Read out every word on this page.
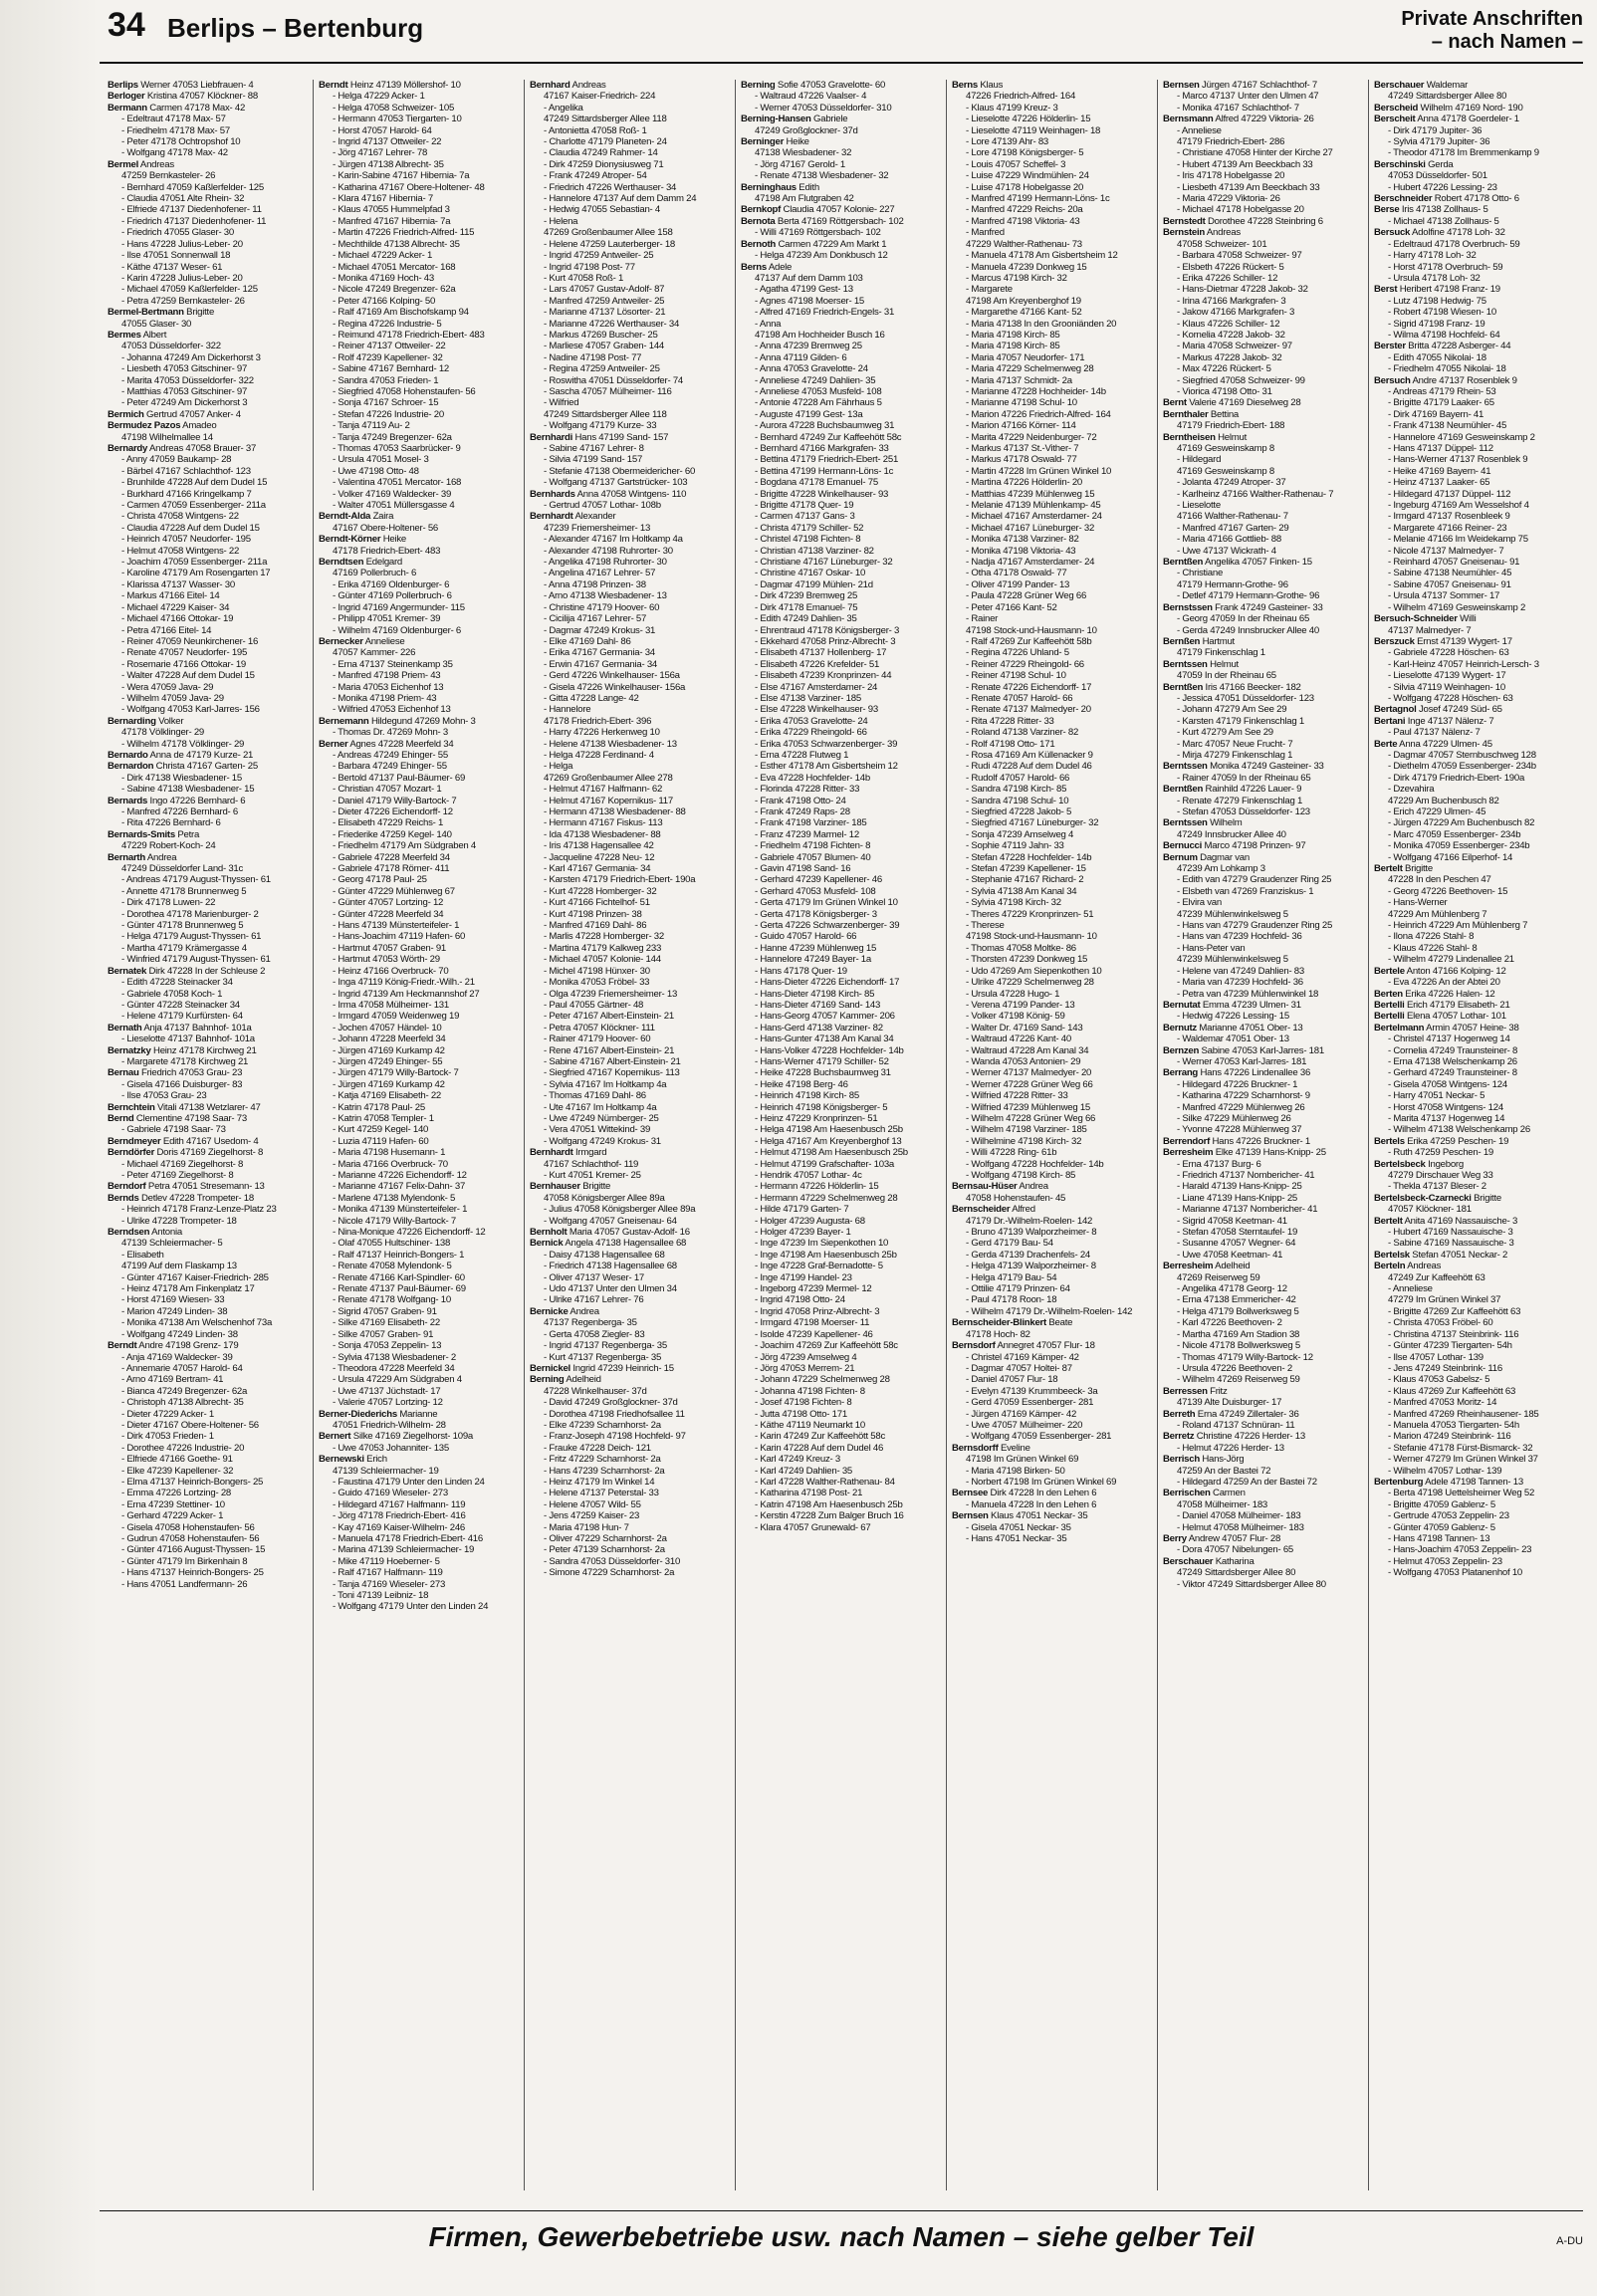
34 Berlips – Bertenburg	Private Anschriften
– nach Namen –
Berlips Werner 47053 Liebfrauen- 4
Berloger Kristina 47057 Klöckner- 88
Bermann Carmen 47178 Max- 42
- Edeltraut 47178 Max- 57
- Friedhelm 47178 Max- 57
- Peter 47178 Ochtropshof 10
- Wolfgang 47178 Max- 42
Bermel Andreas
47259 Bernkasteler- 26
- Bernhard 47059 Kaßlerfelder- 125
- Claudia 47051 Alte Rhein- 32
- Elfriede 47137 Diedenhofener- 11
- Friedrich 47137 Diedenhofener- 11
- Friedrich 47055 Glaser- 30
- Hans 47228 Julius-Leber- 20
- Ilse 47051 Sonnenwall 18
- Käthe 47137 Weser- 61
- Karin 47228 Julius-Leber- 20
- Michael 47059 Kaßlerfelder- 125
- Petra 47259 Bernkasteler- 26
Bermel-Bertmann Brigitte
47055 Glaser- 30
Bermes Albert
47053 Düsseldorfer- 322
- Johanna 47249 Am Dickerhorst 3
- Liesbeth 47053 Gitschiner- 97
- Marita 47053 Düsseldorfer- 322
- Matthias 47053 Gitschiner- 97
- Peter 47249 Am Dickerhorst 3
Bermich Gertrud 47057 Anker- 4
Bermudez Pazos Amadeo
47198 Wilhelmallee 14
Bernardy Andreas 47058 Brauer- 37
- Anny 47059 Baukamp- 28
- Bärbel 47167 Schlachthof- 123
- Brunhilde 47228 Auf dem Dudel 15
- Burkhard 47166 Kringelkamp 7
- Carmen 47059 Essenberger- 211a
- Christa 47058 Wintgens- 22
- Claudia 47228 Auf dem Dudel 15
- Heinrich 47057 Neudorfer- 195
- Helmut 47058 Wintgens- 22
- Joachim 47059 Essenberger- 211a
- Karoline 47179 Am Rosengarten 17
- Klarissa 47137 Wasser- 30
- Markus 47166 Eitel- 14
- Michael 47229 Kaiser- 34
- Michael 47166 Ottokar- 19
- Petra 47166 Eitel- 14
- Reiner 47059 Neunkirchener- 16
- Renate 47057 Neudorfer- 195
- Rosemarie 47166 Ottokar- 19
- Walter 47228 Auf dem Dudel 15
- Wera 47059 Java- 29
- Wilhelm 47059 Java- 29
- Wolfgang 47053 Karl-Jarres- 156
Bernarding Volker
47178 Völklinger- 29
- Wilhelm 47178 Völklinger- 29
Bernardo Anna de 47179 Kurze- 21
Bernardon Christa 47167 Garten- 25
- Dirk 47138 Wiesbadener- 15
- Sabine 47138 Wiesbadener- 15
Bernards Ingo 47226 Bernhard- 6
- Manfred 47226 Bernhard- 6
- Rita 47226 Bernhard- 6
Bernards-Smits Petra
47229 Robert-Koch- 24
Bernarth Andrea
47249 Düsseldorfer Land- 31c
- Andreas 47179 August-Thyssen- 61
- Annette 47178 Brunnenweg 5
- Dirk 47178 Luwen- 22
- Dorothea 47178 Marienburger- 2
- Günter 47178 Brunnenweg 5
- Helga 47179 August-Thyssen- 61
- Martha 47179 Krämergasse 4
- Winfried 47179 August-Thyssen- 61
Bernatek Dirk 47228 In der Schleuse 2
- Edith 47228 Steinacker 34
- Gabriele 47058 Koch- 1
- Günter 47228 Steinacker 34
- Helene 47179 Kurfürsten- 64
Bernath Anja 47137 Bahnhof- 101a
- Lieselotte 47137 Bahnhof- 101a
Bernatzky Heinz 47178 Kirchweg 21
- Margarete 47178 Kirchweg 21
Bernau Friedrich 47053 Grau- 23
- Gisela 47166 Duisburger- 83
- Ilse 47053 Grau- 23
Bernchtein Vitali 47138 Wetzlarer- 47
Bernd Clementine 47198 Saar- 73
- Gabriele 47198 Saar- 73
Berndmeyer Edith 47167 Usedom- 4
Berndörfer Doris 47169 Ziegelhorst- 8
- Michael 47169 Ziegelhorst- 8
- Peter 47169 Ziegelhorst- 8
Berndorf Petra 47051 Stresemann- 13
Bernds Detlev 47228 Trompeter- 18
- Heinrich 47178 Franz-Lenze-Platz 23
- Ulrike 47228 Trompeter- 18
Berndsen Antonia
47139 Schleiermacher- 5
- Elisabeth
47199 Auf dem Flaskamp 13
- Günter 47167 Kaiser-Friedrich- 285
- Heinz 47178 Am Finkenplatz 17
- Horst 47169 Wiesen- 33
- Marion 47249 Linden- 38
- Monika 47138 Am Welschenhof 73a
- Wolfgang 47249 Linden- 38
Berndt Andre 47198 Grenz- 179
- Anja 47169 Waldecker- 39
- Annemarie 47057 Harold- 64
- Arno 47169 Bertram- 41
- Bianca 47249 Bregenzer- 62a
- Christoph 47138 Albrecht- 35
- Dieter 47229 Acker- 1
- Dieter 47167 Obere-Holtener- 56
- Dirk 47053 Frieden- 1
- Dorothee 47226 Industrie- 20
- Elfriede 47166 Goethe- 91
- Elke 47239 Kapellener- 32
- Elma 47137 Heinrich-Bongers- 25
- Emma 47226 Lortzing- 28
- Erna 47239 Stettiner- 10
- Gerhard 47229 Acker- 1
- Gisela 47058 Hohenstaufen- 56
- Gudrun 47058 Hohenstaufen- 56
- Günter 47166 August-Thyssen- 15
- Günter 47179 Im Birkenhain 8
- Hans 47137 Heinrich-Bongers- 25
- Hans 47051 Landfermann- 26
Berndt Heinz 47139 Möllershof- 10
- Helga 47229 Acker- 1
- Helga 47058 Schweizer- 105
- Hermann 47053 Tiergarten- 10
- Horst 47057 Harold- 64
- Ingrid 47137 Ottweiler- 22
- Jörg 47167 Lehrer- 78
- Jürgen 47138 Albrecht- 35
- Karin-Sabine 47167 Hibernia- 7a
- Katharina 47167 Obere-Holtener- 48
- Klara 47167 Hibernia- 7
- Klaus 47055 Hummelpfad 3
- Manfred 47167 Hibernia- 7a
- Martin 47226 Friedrich-Alfred- 115
- Mechthilde 47138 Albrecht- 35
- Michael 47229 Acker- 1
- Michael 47051 Mercator- 168
- Monika 47169 Hoch- 43
- Nicole 47249 Bregenzer- 62a
- Peter 47166 Kolping- 50
- Ralf 47169 Am Bischofskamp 94
- Regina 47226 Industrie- 5
- Reimund 47178 Friedrich-Ebert- 483
- Reiner 47137 Ottweiler- 22
- Rolf 47239 Kapellener- 32
- Sabine 47167 Bernhard- 12
- Sandra 47053 Frieden- 1
- Siegfried 47058 Hohenstaufen- 56
- Sonja 47167 Schroer- 15
- Stefan 47226 Industrie- 20
- Tanja 47119 Au- 2
- Tanja 47249 Bregenzer- 62a
- Thomas 47053 Saarbrücker- 9
- Ursula 47051 Mosel- 3
- Uwe 47198 Otto- 48
- Valentina 47051 Mercator- 168
- Volker 47169 Waldecker- 39
- Walter 47051 Müllersgasse 4
Berndt-Alda Zaira
47167 Obere-Holtener- 56
Berndt-Körner Heike
47178 Friedrich-Ebert- 483
Berndtsen Edelgard
47169 Pollerbruch- 6
- Erika 47169 Oldenburger- 6
- Günter 47169 Pollerbruch- 6
- Ingrid 47169 Angermunder- 115
- Philipp 47051 Kremer- 39
- Wilhelm 47169 Oldenburger- 6
Bernecker Anneliese
47057 Kammer- 226
- Erna 47137 Steinenkamp 35
- Manfred 47198 Priem- 43
- Maria 47053 Eichenhof 13
- Monika 47198 Priem- 43
- Wilfried 47053 Eichenhof 13
Bernemann Hildegund 47269 Mohn- 3
- Thomas Dr. 47269 Mohn- 3
Berner Agnes 47228 Meerfeld 34
- Andreas 47249 Ehinger- 55
- Barbara 47249 Ehinger- 55
- Bertold 47137 Paul-Bäumer- 69
- Christian 47057 Mozart- 1
- Daniel 47179 Willy-Bartock- 7
- Dieter 47226 Eichendorff- 12
- Elisabeth 47229 Reichs- 1
- Friederike 47259 Kegel- 140
- Friedhelm 47179 Am Südgraben 4
- Gabriele 47228 Meerfeld 34
- Gabriele 47178 Römer- 411
- Georg 47178 Paul- 25
- Günter 47229 Mühlenweg 67
- Günter 47057 Lortzing- 12
- Günter 47228 Meerfeld 34
- Hans 47139 Münsterteifeler- 1
- Hans-Joachim 47119 Hafen- 60
- Hartmut 47057 Graben- 91
- Hartmut 47053 Wörth- 29
- Heinz 47166 Overbruck- 70
- Inga 47119 König-Friedr.-Wilh.- 21
- Ingrid 47139 Am Heckmannshof 27
- Irma 47058 Mülheimer- 131
- Irmgard 47059 Weidenweg 19
- Jochen 47057 Händel- 10
- Johann 47228 Meerfeld 34
- Jürgen 47169 Kurkamp 42
- Jürgen 47249 Ehinger- 55
- Jürgen 47179 Willy-Bartock- 7
- Jürgen 47169 Kurkamp 42
- Katja 47169 Elisabeth- 22
- Katrin 47178 Paul- 25
- Katrin 47058 Templer- 1
- Kurt 47259 Kegel- 140
- Luzia 47119 Hafen- 60
- Maria 47198 Husemann- 1
- Maria 47166 Overbruck- 70
- Marianne 47226 Eichendorff- 12
- Marianne 47167 Felix-Dahn- 37
- Marlene 47138 Mylendonk- 5
- Monika 47139 Münsterteifeler- 1
- Nicole 47179 Willy-Bartock- 7
- Nina-Monique 47226 Eichendorff- 12
- Olaf 47055 Hultschiner- 138
- Ralf 47137 Heinrich-Bongers- 1
- Renate 47058 Mylendonk- 5
- Renate 47166 Karl-Spindler- 60
- Renate 47137 Paul-Bäumer- 69
- Renate 47178 Wolfgang- 10
- Sigrid 47057 Graben- 91
- Silke 47169 Elisabeth- 22
- Silke 47057 Graben- 91
- Sonja 47053 Zeppelin- 13
- Sylvia 47138 Wiesbadener- 2
- Theodora 47228 Meerfeld 34
- Ursula 47229 Am Südgraben 4
- Uwe 47137 Jüchstadt- 17
- Valerie 47057 Lortzing- 12
Berner-Diederichs Marianne
47051 Friedrich-Wilhelm- 28
Bernert Silke 47169 Ziegelhorst- 109a
- Uwe 47053 Johanniter- 135
Bernewski Erich
47139 Schleiermacher- 19
- Faustina 47179 Unter den Linden 24
- Guido 47169 Wieseler- 273
- Hildegard 47167 Halfmann- 119
- Jörg 47178 Friedrich-Ebert- 416
- Kay 47169 Kaiser-Wilhelm- 246
- Manuela 47178 Friedrich-Ebert- 416
- Marina 47139 Schleiermacher- 19
- Mike 47119 Hoeberner- 5
- Ralf 47167 Halfmann- 119
- Tanja 47169 Wieseler- 273
- Toni 47139 Leibniz- 18
- Wolfgang 47179 Unter den Linden 24
Bernhard Andreas
47167 Kaiser-Friedrich- 224
- Angelika
47249 Sittardsberger Allee 118
- Antonietta 47058 Roß- 1
- Charlotte 47179 Planeten- 24
- Claudia 47249 Rahmer- 14
- Dirk 47259 Dionysiusweg 71
- Frank 47249 Atroper- 54
- Friedrich 47226 Werthauser- 34
- Hannelore 47137 Auf dem Damm 24
- Hedwig 47055 Sebastian- 4
- Helena
47269 Großenbaumer Allee 158
- Helene 47259 Lauterberger- 18
- Ingrid 47259 Antweiler- 25
- Ingrid 47198 Post- 77
- Kurt 47058 Roß- 1
- Lars 47057 Gustav-Adolf- 87
- Manfred 47259 Antweiler- 25
- Marianne 47137 Lösorter- 21
- Marianne 47226 Werthauser- 34
- Markus 47269 Buscher- 25
- Marliese 47057 Graben- 144
- Nadine 47198 Post- 77
- Regina 47259 Antweiler- 25
- Roswitha 47051 Düsseldorfer- 74
- Sascha 47057 Mülheimer- 116
- Wilfried
47249 Sittardsberger Allee 118
- Wolfgang 47179 Kurze- 33
Bernhardi Hans 47199 Sand- 157
- Sabine 47167 Lehrer- 8
- Silvia 47199 Sand- 157
- Stefanie 47138 Obermeidericher- 60
- Wolfgang 47137 Gartstrücker- 103
Bernhards Anna 47058 Wintgens- 110
- Gertrud 47057 Lothar- 108b
Bernhardt Alexander
47239 Friemersheimer- 13
- Alexander 47167 Im Holtkamp 4a
- Alexander 47198 Ruhrorter- 30
- Angelika 47198 Ruhrorter- 30
- Angelina 47167 Lehrer- 57
- Anna 47198 Prinzen- 38
- Arno 47138 Wiesbadener- 13
- Christine 47179 Hoover- 60
- Cicilija 47167 Lehrer- 57
- Dagmar 47249 Krokus- 31
- Elke 47169 Dahl- 86
- Erika 47167 Germania- 34
- Erwin 47167 Germania- 34
- Gerd 47226 Winkelhauser- 156a
- Gisela 47226 Winkelhauser- 156a
- Gitta 47228 Lange- 42
- Hannelore
47178 Friedrich-Ebert- 396
- Harry 47226 Herkenweg 10
- Helene 47138 Wiesbadener- 13
- Helga 47228 Ferdinand- 4
- Helga
47269 Großenbaumer Allee 278
- Helmut 47167 Halfmann- 62
- Helmut 47167 Kopernikus- 117
- Hermann 47138 Wiesbadener- 88
- Hermann 47167 Fiskus- 113
- Ida 47138 Wiesbadener- 88
- Iris 47138 Hagensallee 42
- Jacqueline 47228 Neu- 12
- Karl 47167 Germania- 34
- Karsten 47179 Friedrich-Ebert- 190a
- Kurt 47228 Homberger- 32
- Kurt 47166 Fichtelhof- 51
- Kurt 47198 Prinzen- 38
- Manfred 47169 Dahl- 86
- Marlis 47228 Homberger- 32
- Martina 47179 Kalkweg 233
- Michael 47057 Kolonie- 144
- Michel 47198 Hünxer- 30
- Monika 47053 Fröbel- 33
- Olga 47239 Friemersheimer- 13
- Paul 47055 Gärtner- 48
- Peter 47167 Albert-Einstein- 21
- Petra 47057 Klöckner- 111
- Rainer 47179 Hoover- 60
- Rene 47167 Albert-Einstein- 21
- Sabine 47167 Albert-Einstein- 21
- Siegfried 47167 Kopernikus- 113
- Sylvia 47167 Im Holtkamp 4a
- Thomas 47169 Dahl- 86
- Ute 47167 Im Holtkamp 4a
- Uwe 47249 Nürnberger- 25
- Vera 47051 Wittekind- 39
- Wolfgang 47249 Krokus- 31
Bernhardt Irmgard
47167 Schlachthof- 119
- Kurt 47051 Kremer- 25
Bernhauser Brigitte
47058 Königsberger Allee 89a
- Julius 47058 Königsberger Allee 89a
- Wolfgang 47057 Gneisenau- 64
Bernholt Maria 47057 Gustav-Adolf- 16
Bernick Angela 47138 Hagensallee 68
- Daisy 47138 Hagensallee 68
- Friedrich 47138 Hagensallee 68
- Oliver 47137 Weser- 17
- Udo 47137 Unter den Ulmen 34
- Ulrike 47167 Lehrer- 76
Bernicke Andrea
47137 Regenberga- 35
- Gerta 47058 Ziegler- 83
- Ingrid 47137 Regenberga- 35
- Kurt 47137 Regenberga- 35
Bernickel Ingrid 47239 Heinrich- 15
Berning Adelheid
47228 Winkelhauser- 37d
- David 47249 Großglockner- 37d
- Dorothea 47198 Friedhofsallee 11
- Elke 47239 Scharnhorst- 2a
- Franz-Joseph 47198 Hochfeld- 97
- Frauke 47228 Deich- 121
- Fritz 47229 Scharnhorst- 2a
- Hans 47239 Scharnhorst- 2a
- Heinz 47179 Im Winkel 14
- Helene 47137 Peterstal- 33
- Helene 47057 Wild- 55
- Jens 47259 Kaiser- 23
- Maria 47198 Hun- 7
- Oliver 47229 Scharnhorst- 2a
- Peter 47139 Scharnhorst- 2a
- Sandra 47053 Düsseldorfer- 310
- Simone 47229 Scharnhorst- 2a
Berning Sofie 47053 Gravelotte- 60
- Waltraud 47226 Vaalser- 4
- Werner 47053 Düsseldorfer- 310
Berning-Hansen Gabriele
47249 Großglockner- 37d
Berninger Heike
47138 Wiesbadener- 32
- Jörg 47167 Gerold- 1
- Renate 47138 Wiesbadener- 32
Berninghaus Edith
47198 Am Flutgraben 42
Bernkopf Claudia 47057 Kolonie- 227
Bernota Berta 47169 Röttgersbach- 102
- Willi 47169 Röttgersbach- 102
Bernoth Carmen 47229 Am Markt 1
- Helga 47239 Am Donkbusch 12
Berns Adele
47137 Auf dem Damm 103
- Agatha 47199 Gest- 13
- Agnes 47198 Moerser- 15
- Alfred 47169 Friedrich-Engels- 31
- Anna
47198 Am Hochheider Busch 16
- Anna 47239 Bremweg 25
- Anna 47119 Gilden- 6
- Anna 47053 Gravelotte- 24
- Anneliese 47249 Dahlien- 35
- Anneliese 47053 Musfeld- 108
- Antonie 47228 Am Fährhaus 5
- Auguste 47199 Gest- 13a
- Aurora 47228 Buchsbaumweg 31
- Bernhard 47249 Zur Kaffeehött 58c
- Bernhard 47166 Markgrafen- 33
- Bettina 47179 Friedrich-Ebert- 251
- Bettina 47199 Hermann-Löns- 1c
- Bogdana 47178 Emanuel- 75
- Brigitte 47228 Winkelhauser- 93
- Brigitte 47178 Quer- 19
- Carmen 47137 Gans- 3
- Christa 47179 Schiller- 52
- Christel 47198 Fichten- 8
- Christian 47138 Varziner- 82
- Christiane 47167 Lüneburger- 32
- Christine 47167 Oskar- 10
- Dagmar 47199 Mühlen- 21d
- Dirk 47239 Bremweg 25
- Dirk 47178 Emanuel- 75
- Edith 47249 Dahlien- 35
- Ehrentraud 47178 Königsberger- 3
- Ekkehard 47058 Prinz-Albrecht- 3
- Elisabeth 47137 Hollenberg- 17
- Elisabeth 47226 Krefelder- 51
- Elisabeth 47239 Kronprinzen- 44
- Else 47167 Amsterdamer- 24
- Else 47138 Varziner- 185
- Else 47228 Winkelhauser- 93
- Erika 47053 Gravelotte- 24
- Erika 47229 Rheingold- 66
- Erika 47053 Schwarzenberger- 39
- Erna 47228 Flutweg 1
- Esther 47178 Am Gisbertsheim 12
- Eva 47228 Hochfelder- 14b
- Florinda 47228 Ritter- 33
- Frank 47198 Otto- 24
- Frank 47249 Raps- 28
- Frank 47198 Varziner- 185
- Franz 47239 Marmel- 12
- Friedhelm 47198 Fichten- 8
- Gabriele 47057 Blumen- 40
- Gavin 47198 Sand- 16
- Gerhard 47239 Kapellener- 46
- Gerhard 47053 Musfeld- 108
- Gerta 47179 Im Grünen Winkel 10
- Gerta 47178 Königsberger- 3
- Gerta 47226 Schwarzenberger- 39
- Guido 47057 Harold- 66
- Hanne 47239 Mühlenweg 15
- Hannelore 47249 Bayer- 1a
- Hans 47178 Quer- 19
- Hans-Dieter 47226 Eichendorff- 17
- Hans-Dieter 47198 Kirch- 85
- Hans-Dieter 47169 Sand- 143
- Hans-Georg 47057 Kammer- 206
- Hans-Gerd 47138 Varziner- 82
- Hans-Gunter 47138 Am Kanal 34
- Hans-Volker 47228 Hochfelder- 14b
- Hans-Werner 47179 Schiller- 52
- Heike 47228 Buchsbaumweg 31
- Heike 47198 Berg- 46
- Heinrich 47198 Kirch- 85
- Heinrich 47198 Königsberger- 5
- Heinz 47229 Kronprinzen- 51
- Helga 47198 Am Haesenbusch 25b
- Helga 47167 Am Kreyenberghof 13
- Helmut 47198 Am Haesenbusch 25b
- Helmut 47199 Grafschafter- 103a
- Hendrik 47057 Lothar- 4c
- Hermann 47226 Hölderlin- 15
- Hermann 47229 Schelmenweg 28
- Hilde 47179 Garten- 7
- Holger 47239 Augusta- 68
- Holger 47239 Bayer- 1
- Inge 47239 Im Siepenkothen 10
- Inge 47198 Am Haesenbusch 25b
- Inge 47228 Graf-Bernadotte- 5
- Inge 47199 Handel- 23
- Ingeborg 47239 Mermel- 12
- Ingrid 47198 Otto- 24
- Ingrid 47058 Prinz-Albrecht- 3
- Irmgard 47198 Moerser- 11
- Isolde 47239 Kapellener- 46
- Joachim 47269 Zur Kaffeehött 58c
- Jörg 47239 Amselweg 4
- Jörg 47053 Merrem- 21
- Johann 47229 Schelmenweg 28
- Johanna 47198 Fichten- 8
- Josef 47198 Fichten- 8
- Jutta 47198 Otto- 171
- Käthe 47119 Neumarkt 10
- Karin 47249 Zur Kaffeehött 58c
- Karin 47228 Auf dem Dudel 46
- Karl 47249 Kreuz- 3
- Karl 47249 Dahlien- 35
- Karl 47228 Walther-Rathenau- 84
- Katharina 47198 Post- 21
- Katrin 47198 Am Haesenbusch 25b
- Kerstin 47228 Zum Balger Bruch 16
- Klara 47057 Grunewald- 67
Berns Klaus
47226 Friedrich-Alfred- 164
- Klaus 47199 Kreuz- 3
- Lieselotte 47226 Hölderlin- 15
- Lieselotte 47119 Weinhagen- 18
- Lore 47139 Ahr- 83
- Lore 47198 Königsberger- 5
- Louis 47057 Scheffel- 3
- Luise 47229 Windmühlen- 24
- Luise 47178 Hobelgasse 20
- Manfred 47199 Hermann-Löns- 1c
- Manfred 47229 Reichs- 20a
- Manfred 47198 Viktoria- 43
- Manfred
47229 Walther-Rathenau- 73
- Manuela 47178 Am Gisbertsheim 12
- Manuela 47239 Donkweg 15
- Marcus 47198 Kirch- 32
- Margarete
47198 Am Kreyenberghof 19
- Margarethe 47166 Kant- 52
- Maria 47138 In den Grooniänden 20
- Maria 47198 Kirch- 85
- Maria 47198 Kirch- 85
- Maria 47057 Neudorfer- 171
- Maria 47229 Schelmenweg 28
- Maria 47137 Schmidt- 2a
- Marianne 47228 Hochheider- 14b
- Marianne 47198 Schul- 10
- Marion 47226 Friedrich-Alfred- 164
- Marion 47166 Körner- 114
- Marita 47229 Neidenburger- 72
- Markus 47137 St.-Vither- 7
- Markus 47178 Oswald- 77
- Martin 47228 Im Grünen Winkel 10
- Martina 47226 Hölderlin- 20
- Matthias 47239 Mühlenweg 15
- Melanie 47139 Mühlenkamp- 45
- Michael 47167 Amsterdamer- 24
- Michael 47167 Lüneburger- 32
- Monika 47138 Varziner- 82
- Monika 47198 Viktoria- 43
- Nadja 47167 Amsterdamer- 24
- Otha 47178 Oswald- 77
- Oliver 47199 Pander- 13
- Paula 47228 Grüner Weg 66
- Peter 47166 Kant- 52
- Rainer
47198 Stock-und-Hausmann- 10
- Ralf 47269 Zur Kaffeehött 58b
- Regina 47226 Uhland- 5
- Reiner 47229 Rheingold- 66
- Reiner 47198 Schul- 10
- Renate 47226 Eichendorff- 17
- Renate 47057 Harold- 66
- Renate 47137 Malmedyer- 20
- Rita 47228 Ritter- 33
- Roland 47138 Varziner- 82
- Rolf 47198 Otto- 171
- Rosa 47169 Am Küllenacker 9
- Rudi 47228 Auf dem Dudel 46
- Rudolf 47057 Harold- 66
- Sandra 47198 Kirch- 85
- Sandra 47198 Schul- 10
- Siegfried 47228 Jakob- 5
- Siegfried 47167 Lüneburger- 32
- Sonja 47239 Amselweg 4
- Sophie 47119 Jahn- 33
- Stefan 47228 Hochfelder- 14b
- Stefan 47239 Kapellener- 15
- Stephanie 47167 Richard- 2
- Sylvia 47138 Am Kanal 34
- Sylvia 47198 Kirch- 32
- Theres 47229 Kronprinzen- 51
- Therese
47198 Stock-und-Hausmann- 10
- Thomas 47058 Moltke- 86
- Thorsten 47239 Donkweg 15
- Udo 47269 Am Siepenkothen 10
- Ulrike 47229 Schelmenweg 28
- Ursula 47228 Hugo- 1
- Verena 47199 Pander- 13
- Volker 47198 König- 59
- Walter Dr. 47169 Sand- 143
- Waltraud 47226 Kant- 40
- Waltraud 47228 Am Kanal 34
- Wanda 47053 Antonien- 29
- Werner 47137 Malmedyer- 20
- Werner 47228 Grüner Weg 66
- Wilfried 47228 Ritter- 33
- Wilfried 47239 Mühlenweg 15
- Wilhelm 47228 Grüner Weg 66
- Wilhelm 47198 Varziner- 185
- Wilhelmine 47198 Kirch- 32
- Willi 47228 Ring- 61b
- Wolfgang 47228 Hochfelder- 14b
- Wolfgang 47198 Kirch- 85
Bernsau-Hüser Andrea
47058 Hohenstaufen- 45
Bernscheider Alfred
47179 Dr.-Wilhelm-Roelen- 142
- Bruno 47139 Walporzheimer- 8
- Gerd 47179 Bau- 54
- Gerda 47139 Drachenfels- 24
- Helga 47139 Walporzheimer- 8
- Helga 47179 Bau- 54
- Ottilie 47179 Prinzen- 64
- Paul 47178 Roon- 18
- Wilhelm 47179 Dr.-Wilhelm-Roelen- 142
Bernscheider-Blinkert Beate
47178 Hoch- 82
Bernsdorf Annegret 47057 Flur- 18
- Christel 47169 Kämper- 42
- Dagmar 47057 Holtei- 87
- Daniel 47057 Flur- 18
- Evelyn 47139 Krummbeeck- 3a
- Gerd 47059 Essenberger- 281
- Jürgen 47169 Kämper- 42
- Uwe 47057 Mülheimer- 220
- Wolfgang 47059 Essenberger- 281
Bernsdorff Eveline
47198 Im Grünen Winkel 69
- Maria 47198 Birken- 50
- Norbert 47198 Im Grünen Winkel 69
Bernsee Dirk 47228 In den Lehen 6
- Manuela 47228 In den Lehen 6
Bernsen Klaus 47051 Neckar- 35
- Gisela 47051 Neckar- 35
- Hans 47051 Neckar- 35
Bernsen Jürgen 47167 Schlachthof- 7
- Marco 47137 Unter den Ulmen 47
- Monika 47167 Schlachthof- 7
Bernsmann Alfred 47229 Viktoria- 26
- Anneliese
47179 Friedrich-Ebert- 286
- Christiane 47058 Hinter der Kirche 27
- Hubert 47139 Am Beeckbach 33
- Iris 47178 Hobelgasse 20
- Liesbeth 47139 Am Beeckbach 33
- Maria 47229 Viktoria- 26
- Michael 47178 Hobelgasse 20
Bernstedt Dorothee 47228 Steinbring 6
Bernstein Andreas
47058 Schweizer- 101
- Barbara 47058 Schweizer- 97
- Elsbeth 47226 Rückert- 5
- Erika 47226 Schiller- 12
- Hans-Dietmar 47228 Jakob- 32
- Irina 47166 Markgrafen- 3
- Jakow 47166 Markgrafen- 3
- Klaus 47226 Schiller- 12
- Kornelia 47228 Jakob- 32
- Maria 47058 Schweizer- 97
- Markus 47228 Jakob- 32
- Max 47226 Rückert- 5
- Siegfried 47058 Schweizer- 99
- Viorica 47198 Otto- 31
Bernt Valerie 47169 Dieselweg 28
Bernthaler Bettina
47179 Friedrich-Ebert- 188
Berntheisen Helmut
47169 Gesweinskamp 8
- Hildegard
47169 Gesweinskamp 8
- Jolanta 47249 Atroper- 37
- Karlheinz 47166 Walther-Rathenau- 7
- Lieselotte
47166 Walther-Rathenau- 7
- Manfred 47167 Garten- 29
- Maria 47166 Gottlieb- 88
- Uwe 47137 Wickrath- 4
Berntßen Angelika 47057 Finken- 15
- Christiane
47179 Hermann-Grothe- 96
- Detlef 47179 Hermann-Grothe- 96
Bernstssen Frank 47249 Gasteiner- 33
- Georg 47059 In der Rheinau 65
- Gerda 47249 Innsbrucker Allee 40
Bernßen Hartmut
47179 Finkenschlag 1
Berntssen Helmut
47059 In der Rheinau 65
Berntßen Iris 47166 Beecker- 182
- Jessica 47051 Düsseldorfer- 123
- Johann 47279 Am See 29
- Karsten 47179 Finkenschlag 1
- Kurt 47279 Am See 29
- Marc 47057 Neue Frucht- 7
- Mirja 47279 Finkenschlag 1
Berntssen Monika 47249 Gasteiner- 33
- Rainer 47059 In der Rheinau 65
Berntßen Rainhild 47226 Lauer- 9
- Renate 47279 Finkenschlag 1
- Stefan 47053 Düsseldorfer- 123
Berntssen Wilhelm
47249 Innsbrucker Allee 40
Bernucci Marco 47198 Prinzen- 97
Bernum Dagmar van
47239 Am Lohkamp 3
- Edith van 47279 Graudenzer Ring 25
- Elsbeth van 47269 Franziskus- 1
- Elvira van
47239 Mühlenwinkelsweg 5
- Hans van 47279 Graudenzer Ring 25
- Hans van 47239 Hochfeld- 36
- Hans-Peter van
47239 Mühlenwinkelsweg 5
- Helene van 47249 Dahlien- 83
- Maria van 47239 Hochfeld- 36
- Petra van 47239 Mühlenwinkel 18
Bernutat Emma 47239 Ulmen- 31
- Hedwig 47226 Lessing- 15
Bernutz Marianne 47051 Ober- 13
- Waldemar 47051 Ober- 13
Bernzen Sabine 47053 Karl-Jarres- 181
- Werner 47053 Karl-Jarres- 181
Berrang Hans 47226 Lindenallee 36
- Hildegard 47226 Bruckner- 1
- Katharina 47229 Scharnhorst- 9
- Manfred 47229 Mühlenweg 26
- Silke 47229 Mühlenweg 26
- Yvonne 47228 Mühlenweg 37
Berrendorf Hans 47226 Bruckner- 1
Berresheim Elke 47139 Hans-Knipp- 25
- Erna 47137 Burg- 6
- Friedrich 47137 Nombericher- 41
- Harald 47139 Hans-Knipp- 25
- Liane 47139 Hans-Knipp- 25
- Marianne 47137 Nombericher- 41
- Sigrid 47058 Keetman- 41
- Stefan 47058 Sterntaufel- 19
- Susanne 47057 Wegner- 64
- Uwe 47058 Keetman- 41
Berresheim Adelheid
47269 Reiserweg 59
- Angelika 47178 Georg- 12
- Erna 47138 Emmericher- 42
- Helga 47179 Bollwerksweg 5
- Karl 47226 Beethoven- 2
- Martha 47169 Am Stadion 38
- Nicole 47178 Bollwerksweg 5
- Thomas 47179 Willy-Bartock- 12
- Ursula 47226 Beethoven- 2
- Wilhelm 47269 Reiserweg 59
Berressen Fritz
47139 Alte Duisburger- 17
Berreth Erna 47249 Zillertaler- 36
- Roland 47137 Schnüran- 11
Berretz Christine 47226 Herder- 13
- Helmut 47226 Herder- 13
Berrisch Hans-Jörg
47259 An der Bastei 72
- Hildegard 47259 An der Bastei 72
Berrischen Carmen
47058 Mülheimer- 183
- Daniel 47058 Mülheimer- 183
- Helmut 47058 Mülheimer- 183
Berry Andrew 47057 Flur- 28
- Dora 47057 Nibelungen- 65
Berschauer Katharina
47249 Sittardsberger Allee 80
- Viktor 47249 Sittardsberger Allee 80
Berschauer Waldemar
47249 Sittardsberger Allee 80
Berscheid Wilhelm 47169 Nord- 190
Berscheit Anna 47178 Goerdeler- 1
- Dirk 47179 Jupiter- 36
- Sylvia 47179 Jupiter- 36
- Theodor 47178 Im Bremmenkamp 9
Berschinski Gerda
47053 Düsseldorfer- 501
- Hubert 47226 Lessing- 23
Berschneider Robert 47178 Otto- 6
Berse Iris 47138 Zollhaus- 5
- Michael 47138 Zollhaus- 5
Bersuck Adolfine 47178 Loh- 32
- Edeltraud 47178 Overbruch- 59
- Harry 47178 Loh- 32
- Horst 47178 Overbruch- 59
- Ursula 47178 Loh- 32
Berst Heribert 47198 Franz- 19
- Lutz 47198 Hedwig- 75
- Robert 47198 Wiesen- 10
- Sigrid 47198 Franz- 19
- Wilma 47198 Hochfeld- 64
Berster Britta 47228 Asberger- 44
- Edith 47055 Nikolai- 18
- Friedhelm 47055 Nikolai- 18
Bersuch Andre 47137 Rosenblek 9
- Andreas 47179 Rhein- 53
- Brigitte 47179 Laaker- 65
- Dirk 47169 Bayern- 41
- Frank 47138 Neumühler- 45
- Hannelore 47169 Gesweinskamp 2
- Hans 47137 Düppel- 112
- Hans-Werner 47137 Rosenblek 9
- Heike 47169 Bayern- 41
- Heinz 47137 Laaker- 65
- Hildegard 47137 Düppel- 112
- Ingeburg 47169 Am Wesselshof 4
- Irmgard 47137 Rosenbleek 9
- Margarete 47166 Reiner- 23
- Melanie 47166 Im Weidekamp 75
- Nicole 47137 Malmedyer- 7
- Reinhard 47057 Gneisenau- 91
- Sabine 47138 Neumühler- 45
- Sabine 47057 Gneisenau- 91
- Ursula 47137 Sommer- 17
- Wilhelm 47169 Gesweinskamp 2
Bersuch-Schneider Willi
47137 Malmedyer- 7
Berszuck Ernst 47139 Wygert- 17
- Gabriele 47228 Höschen- 63
- Karl-Heinz 47057 Heinrich-Lersch- 3
- Lieselotte 47139 Wygert- 17
- Silvia 47119 Weinhagen- 10
- Wolfgang 47228 Höschen- 63
Bertagnol Josef 47249 Süd- 65
Bertani Inge 47137 Nälenz- 7
- Paul 47137 Nälenz- 7
Berte Anna 47229 Ulmen- 45
- Dagmar 47057 Sternbuschweg 128
- Diethelm 47059 Essenberger- 234b
- Dirk 47179 Friedrich-Ebert- 190a
- Dzevahira
47229 Am Buchenbusch 82
- Erich 47229 Ulmen- 45
- Jürgen 47229 Am Buchenbusch 82
- Marc 47059 Essenberger- 234b
- Monika 47059 Essenberger- 234b
- Wolfgang 47166 Eilperhof- 14
Bertelt Brigitte
47228 In den Peschen 47
- Georg 47226 Beethoven- 15
- Hans-Werner
47229 Am Mühlenberg 7
- Heinrich 47229 Am Mühlenberg 7
- Ilona 47226 Stahl- 8
- Klaus 47226 Stahl- 8
- Wilhelm 47279 Lindenallee 21
Bertele Anton 47166 Kolping- 12
- Eva 47226 An der Abtei 20
Berten Erika 47226 Halen- 12
Bertelli Erich 47179 Elisabeth- 21
Bertelli Elena 47057 Lothar- 101
Bertelmann Armin 47057 Heine- 38
- Christel 47137 Hogenweg 14
- Cornelia 47249 Traunsteiner- 8
- Erna 47138 Welschenkamp 26
- Gerhard 47249 Traunsteiner- 8
- Gisela 47058 Wintgens- 124
- Harry 47051 Neckar- 5
- Horst 47058 Wintgens- 124
- Marita 47137 Hogenweg 14
- Wilhelm 47138 Welschenkamp 26
Bertels Erika 47259 Peschen- 19
- Ruth 47259 Peschen- 19
Bertelsbeck Ingeborg
47279 Dirschauer Weg 33
- Thekla 47137 Bleser- 2
Bertelsbeck-Czarnecki Brigitte
47057 Klöckner- 181
Bertelt Anita 47169 Nassauische- 3
- Hubert 47169 Nassauische- 3
- Sabine 47169 Nassauische- 3
Bertelsk Stefan 47051 Neckar- 2
Berteln Andreas
47249 Zur Kaffeehött 63
- Anneliese
47279 Im Grünen Winkel 37
- Brigitte 47269 Zur Kaffeehött 63
- Christa 47053 Fröbel- 60
- Christina 47137 Steinbrink- 116
- Günter 47239 Tiergarten- 54h
- Ilse 47057 Lothar- 139
- Jens 47249 Steinbrink- 116
- Klaus 47053 Gabelsz- 5
- Klaus 47269 Zur Kaffeehött 63
- Manfred 47053 Moritz- 14
- Manfred 47269 Rheinhausener- 185
- Manuela 47053 Tiergarten- 54h
- Marion 47249 Steinbrink- 116
- Stefanie 47178 Fürst-Bismarck- 32
- Werner 47279 Im Grünen Winkel 37
- Wilhelm 47057 Lothar- 139
Bertenburg Adele 47198 Tannen- 13
- Berta 47198 Uettelsheimer Weg 52
- Brigitte 47059 Gablenz- 5
- Gertrude 47053 Zeppelin- 23
- Günter 47059 Gablenz- 5
- Hans 47198 Tannen- 13
- Hans-Joachim 47053 Zeppelin- 23
- Helmut 47053 Zeppelin- 23
- Wolfgang 47053 Platanenhof 10
Firmen, Gewerbebetriebe usw. nach Namen – siehe gelber Teil	A-DU
